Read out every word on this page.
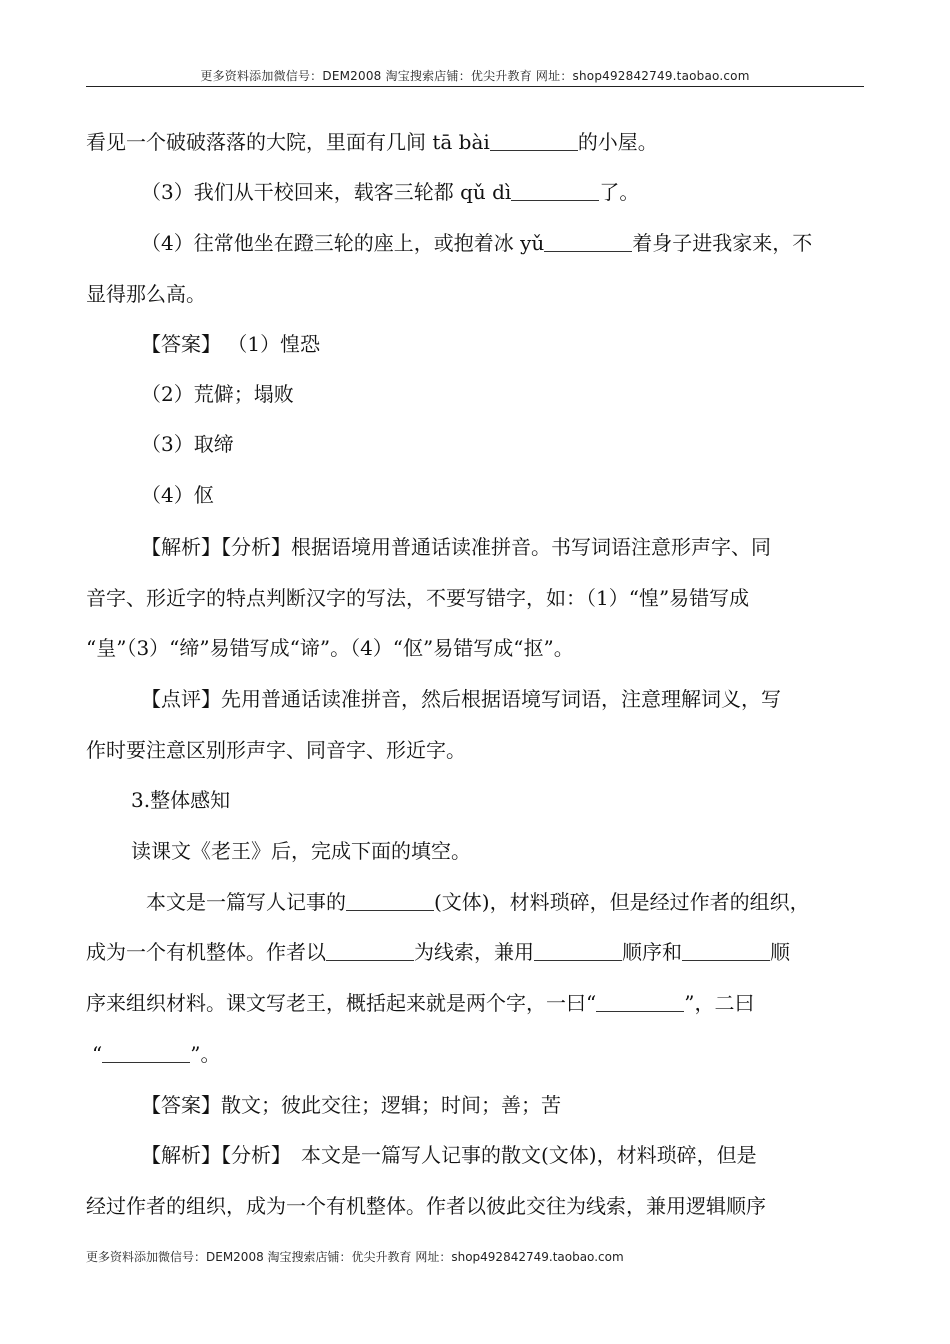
更多资料添加微信号：DEM2008 淘宝搜索店铺：优尖升教育 网址：shop492842749.taobao.com
看见一个破破落落的大院，里面有几间 tā bài	的小屋。
（3）我们从干校回来，载客三轮都 qǔ dì	了。
（4）往常他坐在蹬三轮的座上，或抱着冰 yǔ	着身子进我家来，不
显得那么高。
【答案】 （1）惶恐
（2）荒僻；塌败
（3）取缔
（4）伛
【解析】【分析】根据语境用普通话读准拼音。书写词语注意形声字、同
音字、形近字的特点判断汉字的写法，不要写错字，如：（1）“惶”易错写成
“皇”（3）“缔”易错写成“谛”。（4）“伛”易错写成“抠”。
【点评】先用普通话读准拼音，然后根据语境写词语，注意理解词义，写
作时要注意区别形声字、同音字、形近字。
3.整体感知
读课文《老王》后，完成下面的填空。
本文是一篇写人记事的	(文体)，材料琐碎，但是经过作者的组织，
成为一个有机整体。作者以	为线索，兼用	顺序和	顺
序来组织材料。课文写老王，概括起来就是两个字，一曰“	”，二曰
“	”。
【答案】散文；彼此交往；逻辑；时间；善；苦
【解析】【分析】　本文是一篇写人记事的散文(文体)，材料琐碎，但是
经过作者的组织，成为一个有机整体。作者以彼此交往为线索，兼用逻辑顺序
更多资料添加微信号：DEM2008 淘宝搜索店铺：优尖升教育 网址：shop492842749.taobao.com
